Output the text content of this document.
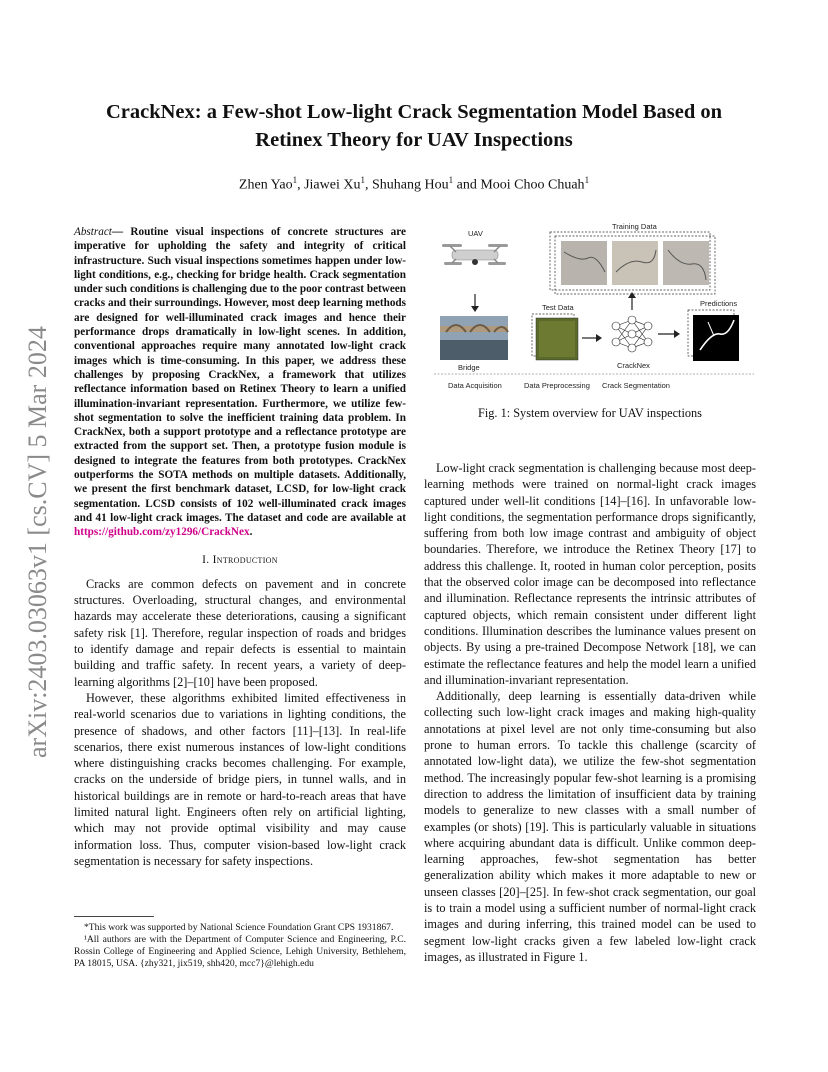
arXiv:2403.03063v1 [cs.CV] 5 Mar 2024
CrackNex: a Few-shot Low-light Crack Segmentation Model Based on Retinex Theory for UAV Inspections
Zhen Yao$^1$, Jiawei Xu$^1$, Shuhang Hou$^1$ and Mooi Choo Chuah$^1$

Abstract— Routine visual inspections of concrete structures are imperative for upholding the safety and integrity of critical infrastructure. Such visual inspections sometimes happen under low-light conditions, e.g., checking for bridge health. Crack segmentation under such conditions is challenging due to the poor contrast between cracks and their surroundings. However, most deep learning methods are designed for well-illuminated crack images and hence their performance drops dramatically in low-light scenes. In addition, conventional approaches require many annotated low-light crack images which is time-consuming. In this paper, we address these challenges by proposing CrackNex, a framework that utilizes reflectance information based on Retinex Theory to learn a unified illumination-invariant representation. Furthermore, we utilize few-shot segmentation to solve the inefficient training data problem. In CrackNex, both a support prototype and a reflectance prototype are extracted from the support set. Then, a prototype fusion module is designed to integrate the features from both prototypes. CrackNex outperforms the SOTA methods on multiple datasets. Additionally, we present the first benchmark dataset, LCSD, for low-light crack segmentation. LCSD consists of 102 well-illuminated crack images and 41 low-light crack images. The dataset and code are available at https://github.com/zy1296/CrackNex.

I. Introduction

Cracks are common defects on pavement and in concrete structures. Overloading, structural changes, and environmental hazards may accelerate these deteriorations, causing a significant safety risk [1]. Therefore, regular inspection of roads and bridges to identify damage and repair defects is essential to maintain building and traffic safety. In recent years, a variety of deep-learning algorithms [2]–[10] have been proposed.

However, these algorithms exhibited limited effectiveness in real-world scenarios due to variations in lighting conditions, the presence of shadows, and other factors [11]–[13]. In real-life scenarios, there exist numerous instances of low-light conditions where distinguishing cracks becomes challenging. For example, cracks on the underside of bridge piers, in tunnel walls, and in historical buildings are in remote or hard-to-reach areas that have limited natural light. Engineers often rely on artificial lighting, which may not provide optimal visibility and may cause information loss. Thus, computer vision-based low-light crack segmentation is necessary for safety inspections.

*This work was supported by National Science Foundation Grant CPS 1931867.

¹All authors are with the Department of Computer Science and Engineering, P.C. Rossin College of Engineering and Applied Science, Lehigh University, Bethlehem, PA 18015, USA. {zhy321, jix519, shh420, mcc7}@lehigh.edu

UAV
Training Data
Bridge
Test Data
CrackNex
Predictions
Data Acquisition	Data Preprocessing Crack Segmentation
Fig. 1: System overview for UAV inspections

Low-light crack segmentation is challenging because most deep-learning methods were trained on normal-light crack images captured under well-lit conditions [14]–[16]. In unfavorable low-light conditions, the segmentation performance drops significantly, suffering from both low image contrast and ambiguity of object boundaries. Therefore, we introduce the Retinex Theory [17] to address this challenge. It, rooted in human color perception, posits that the observed color image can be decomposed into reflectance and illumination. Reflectance represents the intrinsic attributes of captured objects, which remain consistent under different light conditions. Illumination describes the luminance values present on objects. By using a pre-trained Decompose Network [18], we can estimate the reflectance features and help the model learn a unified and illumination-invariant representation.

Additionally, deep learning is essentially data-driven while collecting such low-light crack images and making high-quality annotations at pixel level are not only time-consuming but also prone to human errors. To tackle this challenge (scarcity of annotated low-light data), we utilize the few-shot segmentation method. The increasingly popular few-shot learning is a promising direction to address the limitation of insufficient data by training models to generalize to new classes with a small number of examples (or shots) [19]. This is particularly valuable in situations where acquiring abundant data is difficult. Unlike common deep-learning approaches, few-shot segmentation has better generalization ability which makes it more adaptable to new or unseen classes [20]–[25]. In few-shot crack segmentation, our goal is to train a model using a sufficient number of normal-light crack images and during inferring, this trained model can be used to segment low-light cracks given a few labeled low-light crack images, as illustrated in Figure 1.
